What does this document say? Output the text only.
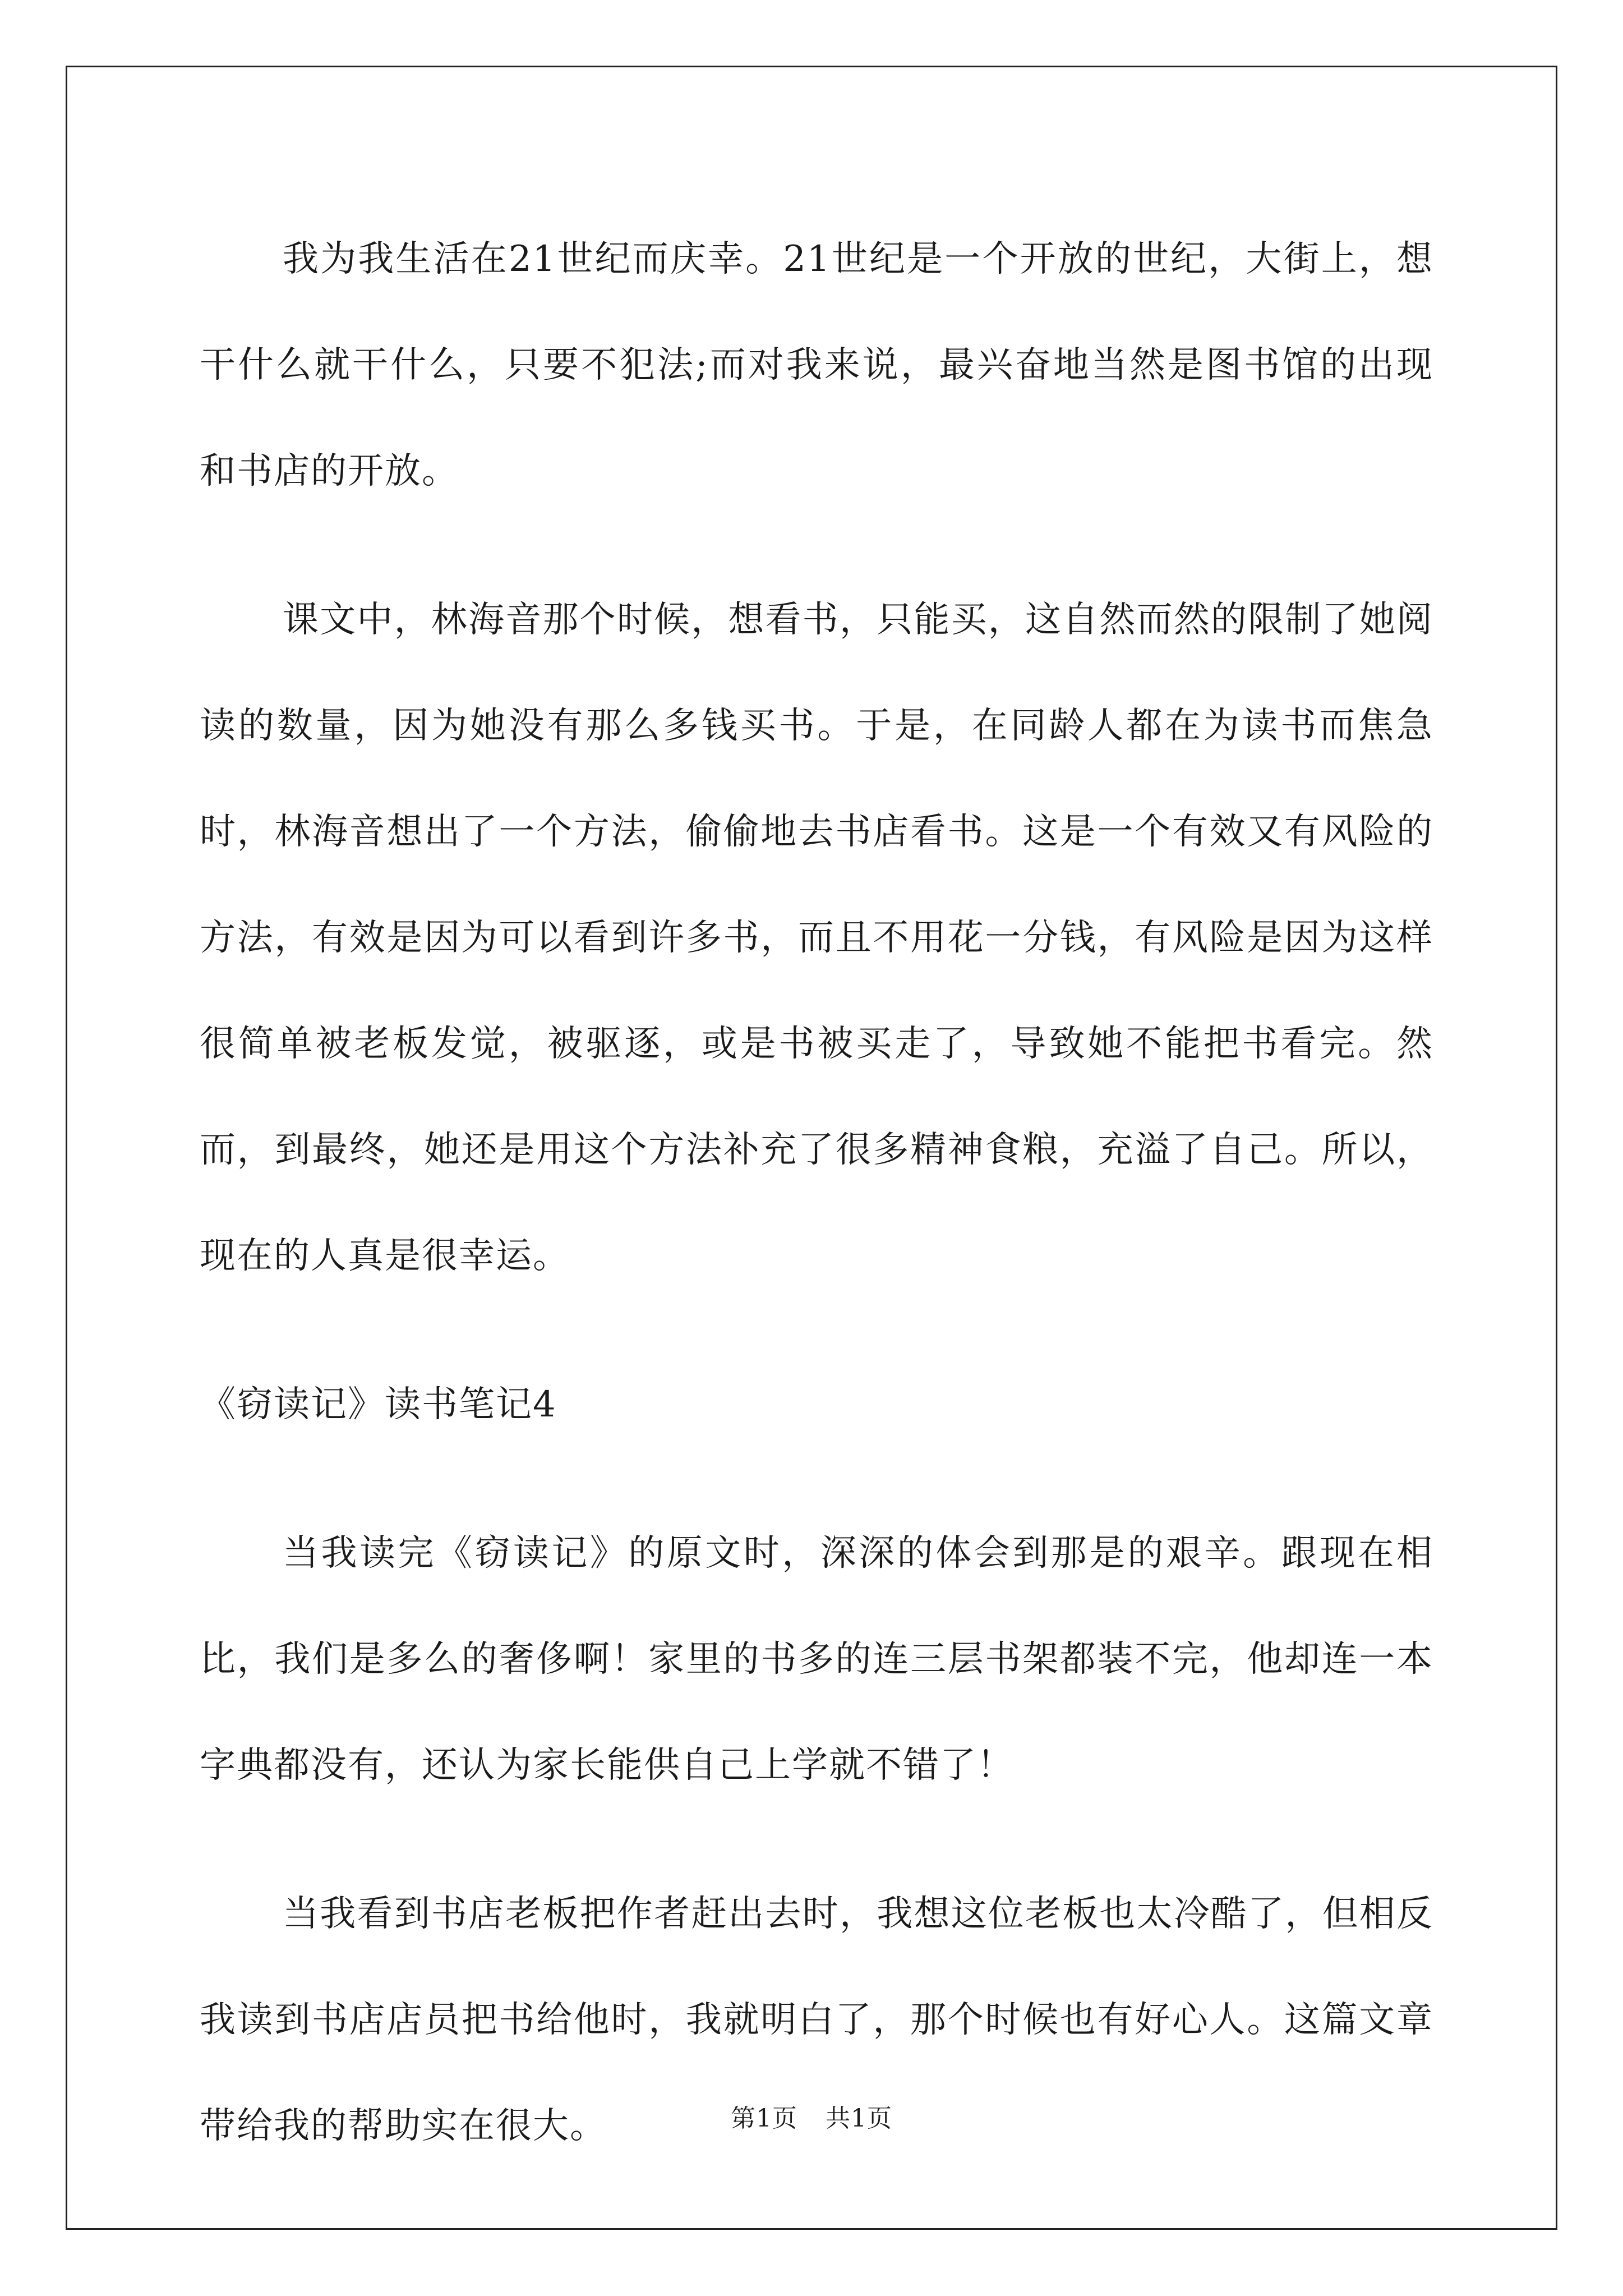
我为我生活在21世纪而庆幸。21世纪是一个开放的世纪，大街上，想干什么就干什么，只要不犯法;而对我来说，最兴奋地当然是图书馆的出现和书店的开放。

课文中，林海音那个时候，想看书，只能买，这自然而然的限制了她阅读的数量，因为她没有那么多钱买书。于是，在同龄人都在为读书而焦急时，林海音想出了一个方法，偷偷地去书店看书。这是一个有效又有风险的方法，有效是因为可以看到许多书，而且不用花一分钱，有风险是因为这样很简单被老板发觉，被驱逐，或是书被买走了，导致她不能把书看完。然而，到最终，她还是用这个方法补充了很多精神食粮，充溢了自己。所以，现在的人真是很幸运。

《窃读记》读书笔记4

当我读完《窃读记》的原文时，深深的体会到那是的艰辛。跟现在相比，我们是多么的奢侈啊！家里的书多的连三层书架都装不完，他却连一本字典都没有，还认为家长能供自己上学就不错了！

当我看到书店老板把作者赶出去时，我想这位老板也太冷酷了，但相反我读到书店店员把书给他时，我就明白了，那个时候也有好心人。这篇文章带给我的帮助实在很大。	第1页 共1页
